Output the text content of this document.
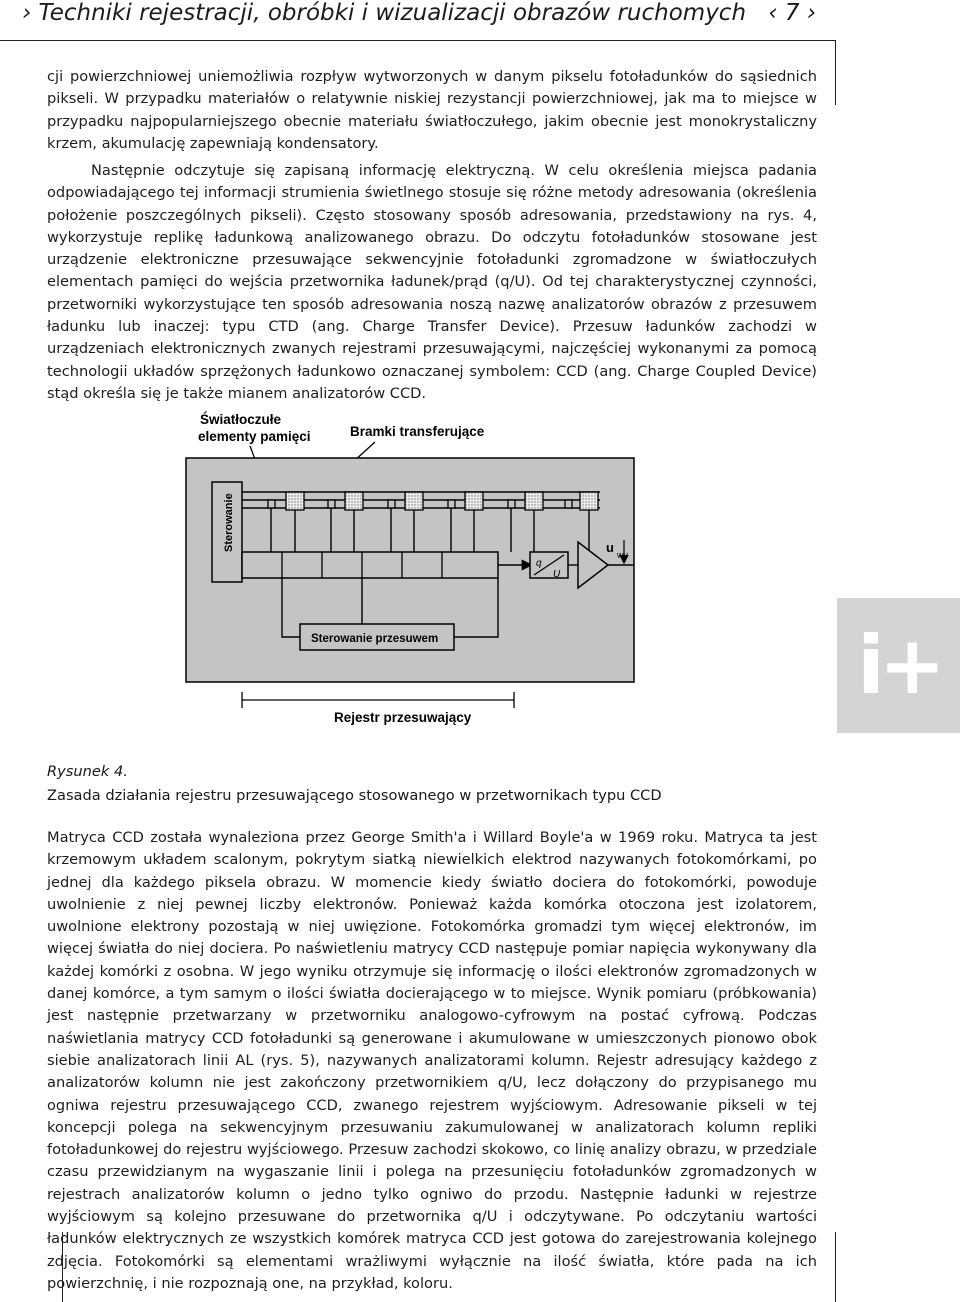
› Techniki rejestracji, obróbki i wizualizacji obrazów ruchomych ‹ 7 ›
i+

cji powierzchniowej uniemożliwia rozpływ wytworzonych w danym pikselu fotoładunków do sąsiednich pikseli. W przypadku materiałów o relatywnie niskiej rezystancji powierzchniowej, jak ma to miejsce w przypadku najpopularniejszego obecnie materiału światłoczułego, jakim obecnie jest monokrystaliczny krzem, akumulację zapewniają kondensatory.

Następnie odczytuje się zapisaną informację elektryczną. W celu określenia miejsca padania odpowiadającego tej informacji strumienia świetlnego stosuje się różne metody adresowania (określenia położenie poszczególnych pikseli). Często stosowany sposób adresowania, przedstawiony na rys. 4, wykorzystuje replikę ładunkową analizowanego obrazu. Do odczytu fotoładunków stosowane jest urządzenie elektroniczne przesuwające sekwencyjnie fotoładunki zgromadzone w światłoczułych elementach pamięci do wejścia przetwornika ładunek/prąd (q/U). Od tej charakterystycznej czynności, przetworniki wykorzystujące ten sposób adresowania noszą nazwę analizatorów obrazów z przesuwem ładunku lub inaczej: typu CTD (ang. Charge Transfer Device). Przesuw ładunków zachodzi w urządzeniach elektronicznych zwanych rejestrami przesuwającymi, najczęściej wykonanymi za pomocą technologii układów sprzężonych ładunkowo oznaczanej symbolem: CCD (ang. Charge Coupled Device) stąd określa się je także mianem analizatorów CCD.

Światłoczułe
elementy pamięci	Bramki transferujące
Sterowanie
q
U
u wy
Sterowanie przesuwem
Rejestr przesuwający
Rysunek 4.
Zasada działania rejestru przesuwającego stosowanego w przetwornikach typu CCD

Matryca CCD została wynaleziona przez George Smith'a i Willard Boyle'a w 1969 roku. Matryca ta jest krzemowym układem scalonym, pokrytym siatką niewielkich elektrod nazywanych fotokomórkami, po jednej dla każdego piksela obrazu. W momencie kiedy światło dociera do fotokomórki, powoduje uwolnienie z niej pewnej liczby elektronów. Ponieważ każda komórka otoczona jest izolatorem, uwolnione elektrony pozostają w niej uwięzione. Fotokomórka gromadzi tym więcej elektronów, im więcej światła do niej dociera. Po naświetleniu matrycy CCD następuje pomiar napięcia wykonywany dla każdej komórki z osobna. W jego wyniku otrzymuje się informację o ilości elektronów zgromadzonych w danej komórce, a tym samym o ilości światła docierającego w to miejsce. Wynik pomiaru (próbkowania) jest następnie przetwarzany w przetworniku analogowo-cyfrowym na postać cyfrową. Podczas naświetlania matrycy CCD fotoładunki są generowane i akumulowane w umieszczonych pionowo obok siebie analizatorach linii AL (rys. 5), nazywanych analizatorami kolumn. Rejestr adresujący każdego z analizatorów kolumn nie jest zakończony przetwornikiem q/U, lecz dołączony do przypisanego mu ogniwa rejestru przesuwającego CCD, zwanego rejestrem wyjściowym. Adresowanie pikseli w tej koncepcji polega na sekwencyjnym przesuwaniu zakumulowanej w analizatorach kolumn repliki fotoładunkowej do rejestru wyjściowego. Przesuw zachodzi skokowo, co linię analizy obrazu, w przedziale czasu przewidzianym na wygaszanie linii i polega na przesunięciu fotoładunków zgromadzonych w rejestrach analizatorów kolumn o jedno tylko ogniwo do przodu. Następnie ładunki w rejestrze wyjściowym są kolejno przesuwane do przetwornika q/U i odczytywane. Po odczytaniu wartości ładunków elektrycznych ze wszystkich komórek matryca CCD jest gotowa do zarejestrowania kolejnego zdjęcia. Fotokomórki są elementami wrażliwymi wyłącznie na ilość światła, które pada na ich powierzchnię, i nie rozpoznają one, na przykład, koloru.
